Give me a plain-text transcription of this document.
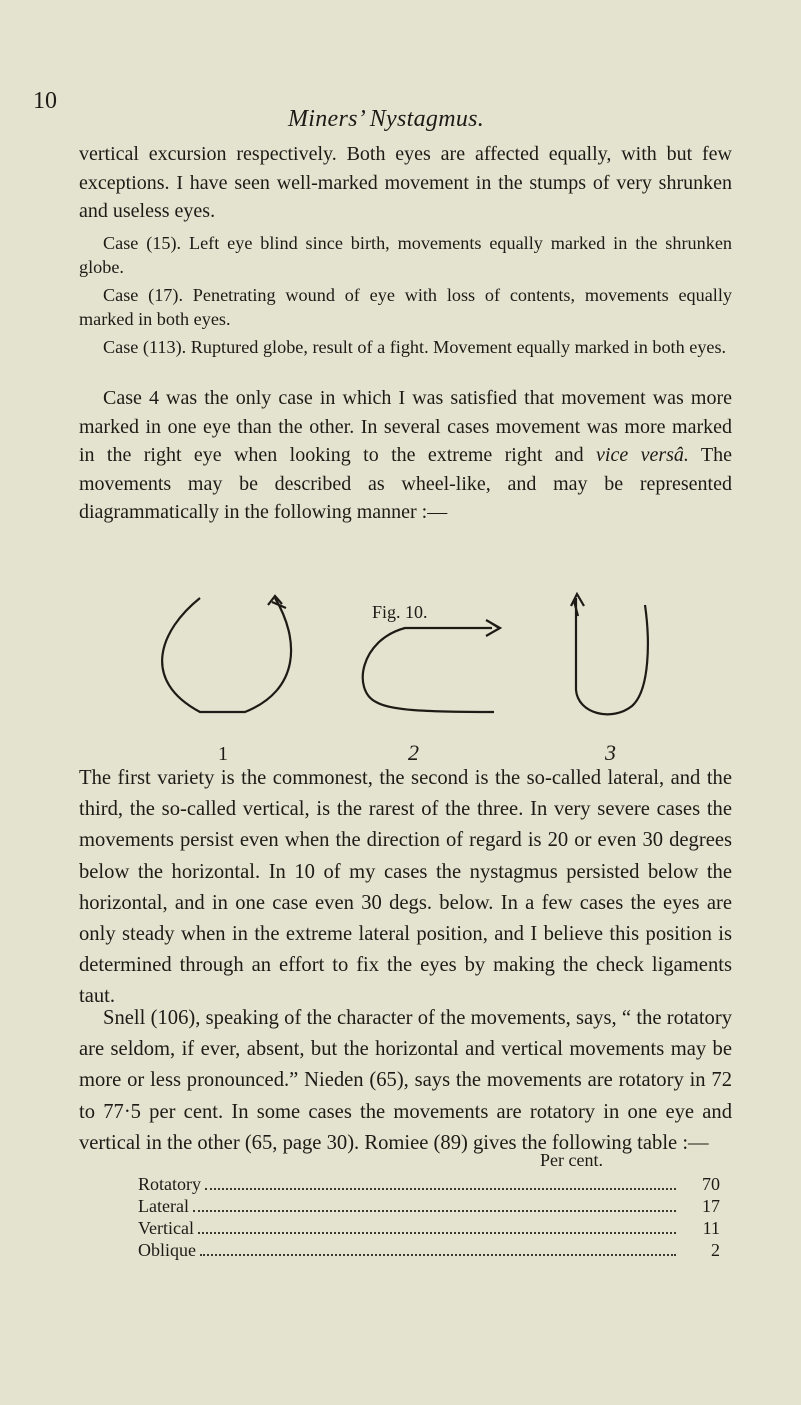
10
Miners’ Nystagmus.

vertical excursion respectively. Both eyes are affected equally, with but few exceptions. I have seen well-marked movement in the stumps of very shrunken and useless eyes.

Case (15). Left eye blind since birth, movements equally marked in the shrunken globe.

Case (17). Penetrating wound of eye with loss of contents, movements equally marked in both eyes.

Case (113). Ruptured globe, result of a fight. Movement equally marked in both eyes.

Case 4 was the only case in which I was satisfied that movement was more marked in one eye than the other. In several cases movement was more marked in the right eye when looking to the extreme right and vice versâ. The movements may be described as wheel-like, and may be represented diagrammatically in the following manner :—

Fig. 10.
1	2	3

The first variety is the commonest, the second is the so-called lateral, and the third, the so-called vertical, is the rarest of the three. In very severe cases the movements persist even when the direction of regard is 20 or even 30 degrees below the horizontal. In 10 of my cases the nystagmus persisted below the horizontal, and in one case even 30 degs. below. In a few cases the eyes are only steady when in the extreme lateral position, and I believe this position is determined through an effort to fix the eyes by making the check ligaments taut.

Snell (106), speaking of the character of the movements, says, “ the rotatory are seldom, if ever, absent, but the horizontal and vertical movements may be more or less pronounced.” Nieden (65), says the movements are rotatory in 72 to 77·5 per cent. In some cases the movements are rotatory in one eye and vertical in the other (65, page 30). Romiee (89) gives the following table :—

Per cent.
Rotatory	70
Lateral	17
Vertical	11
Oblique	2
